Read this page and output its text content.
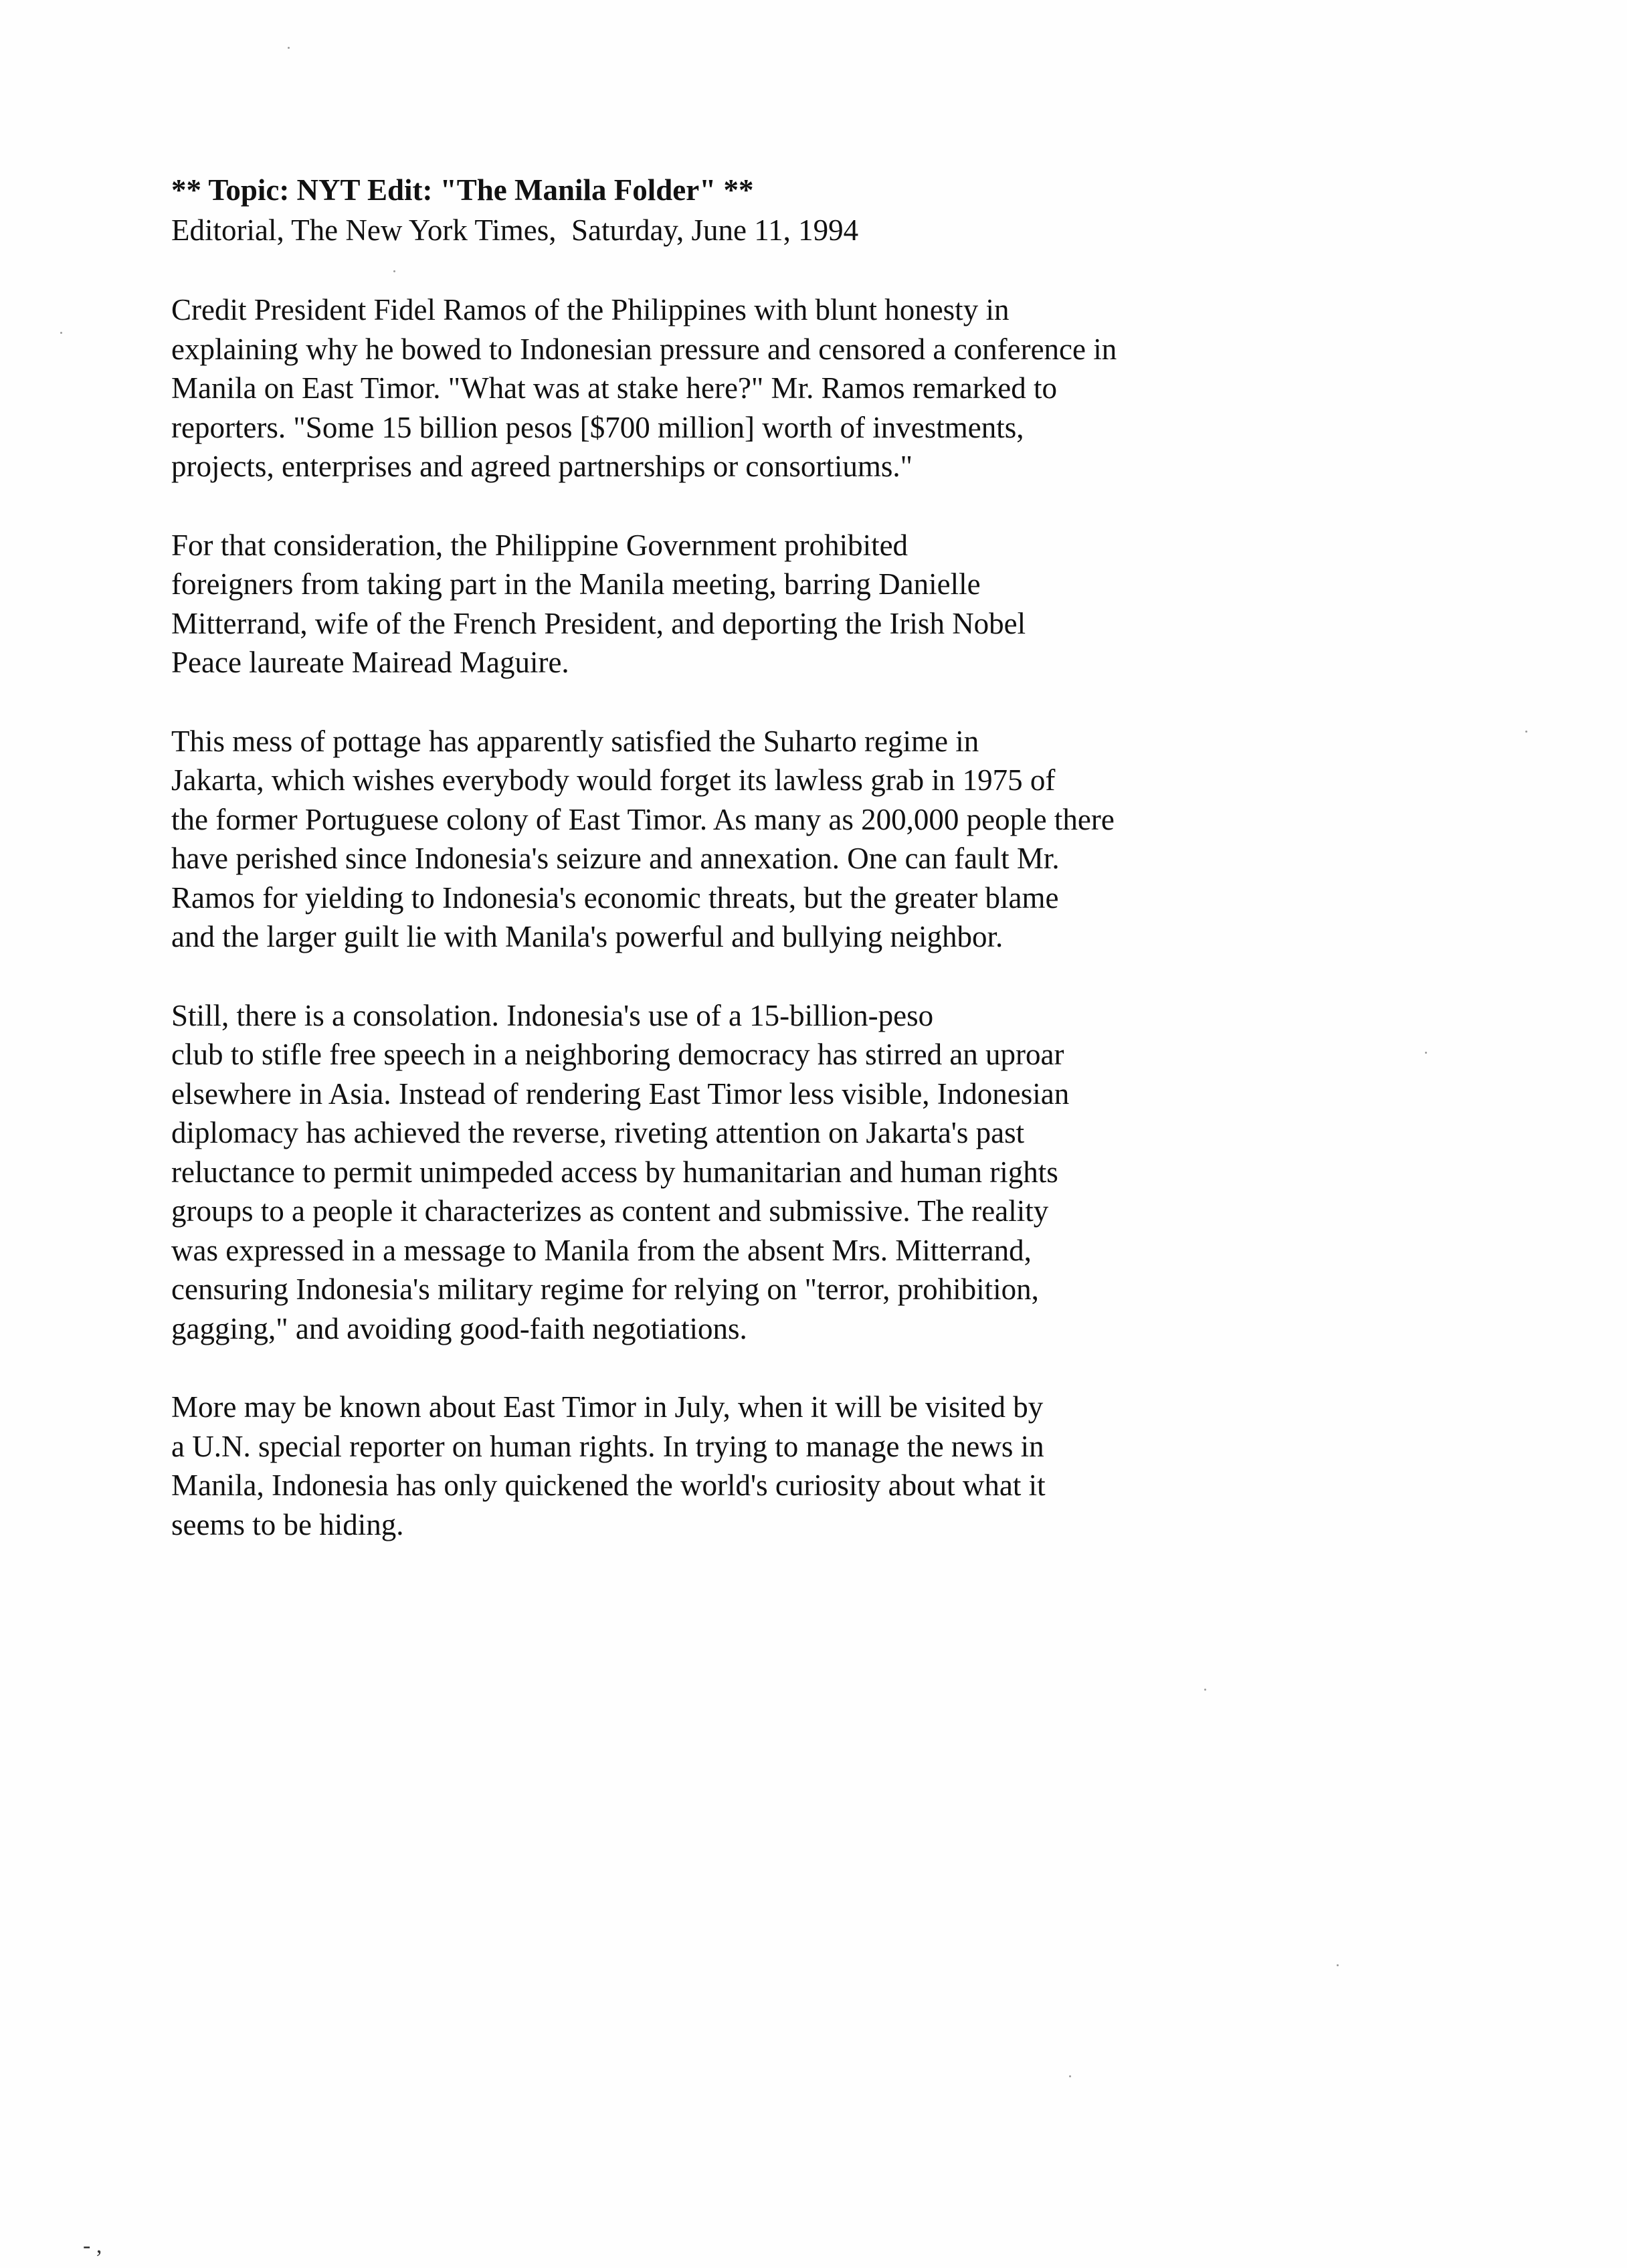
** Topic: NYT Edit: "The Manila Folder" **

Editorial, The New York Times,  Saturday, June 11, 1994

Credit President Fidel Ramos of the Philippines with blunt honesty in
explaining why he bowed to Indonesian pressure and censored a conference in
Manila on East Timor. "What was at stake here?" Mr. Ramos remarked to
reporters. "Some 15 billion pesos [$700 million] worth of investments,
projects, enterprises and agreed partnerships or consortiums."
For that consideration, the Philippine Government prohibited
foreigners from taking part in the Manila meeting, barring Danielle
Mitterrand, wife of the French President, and deporting the Irish Nobel
Peace laureate Mairead Maguire.
This mess of pottage has apparently satisfied the Suharto regime in
Jakarta, which wishes everybody would forget its lawless grab in 1975 of
the former Portuguese colony of East Timor. As many as 200,000 people there
have perished since Indonesia's seizure and annexation. One can fault Mr.
Ramos for yielding to Indonesia's economic threats, but the greater blame
and the larger guilt lie with Manila's powerful and bullying neighbor.
Still, there is a consolation. Indonesia's use of a 15-billion-peso
club to stifle free speech in a neighboring democracy has stirred an uproar
elsewhere in Asia. Instead of rendering East Timor less visible, Indonesian
diplomacy has achieved the reverse, riveting attention on Jakarta's past
reluctance to permit unimpeded access by humanitarian and human rights
groups to a people it characterizes as content and submissive. The reality
was expressed in a message to Manila from the absent Mrs. Mitterrand,
censuring Indonesia's military regime for relying on "terror, prohibition,
gagging," and avoiding good-faith negotiations.
More may be known about East Timor in July, when it will be visited by
a U.N. special reporter on human rights. In trying to manage the news in
Manila, Indonesia has only quickened the world's curiosity about what it
seems to be hiding.
- ,
